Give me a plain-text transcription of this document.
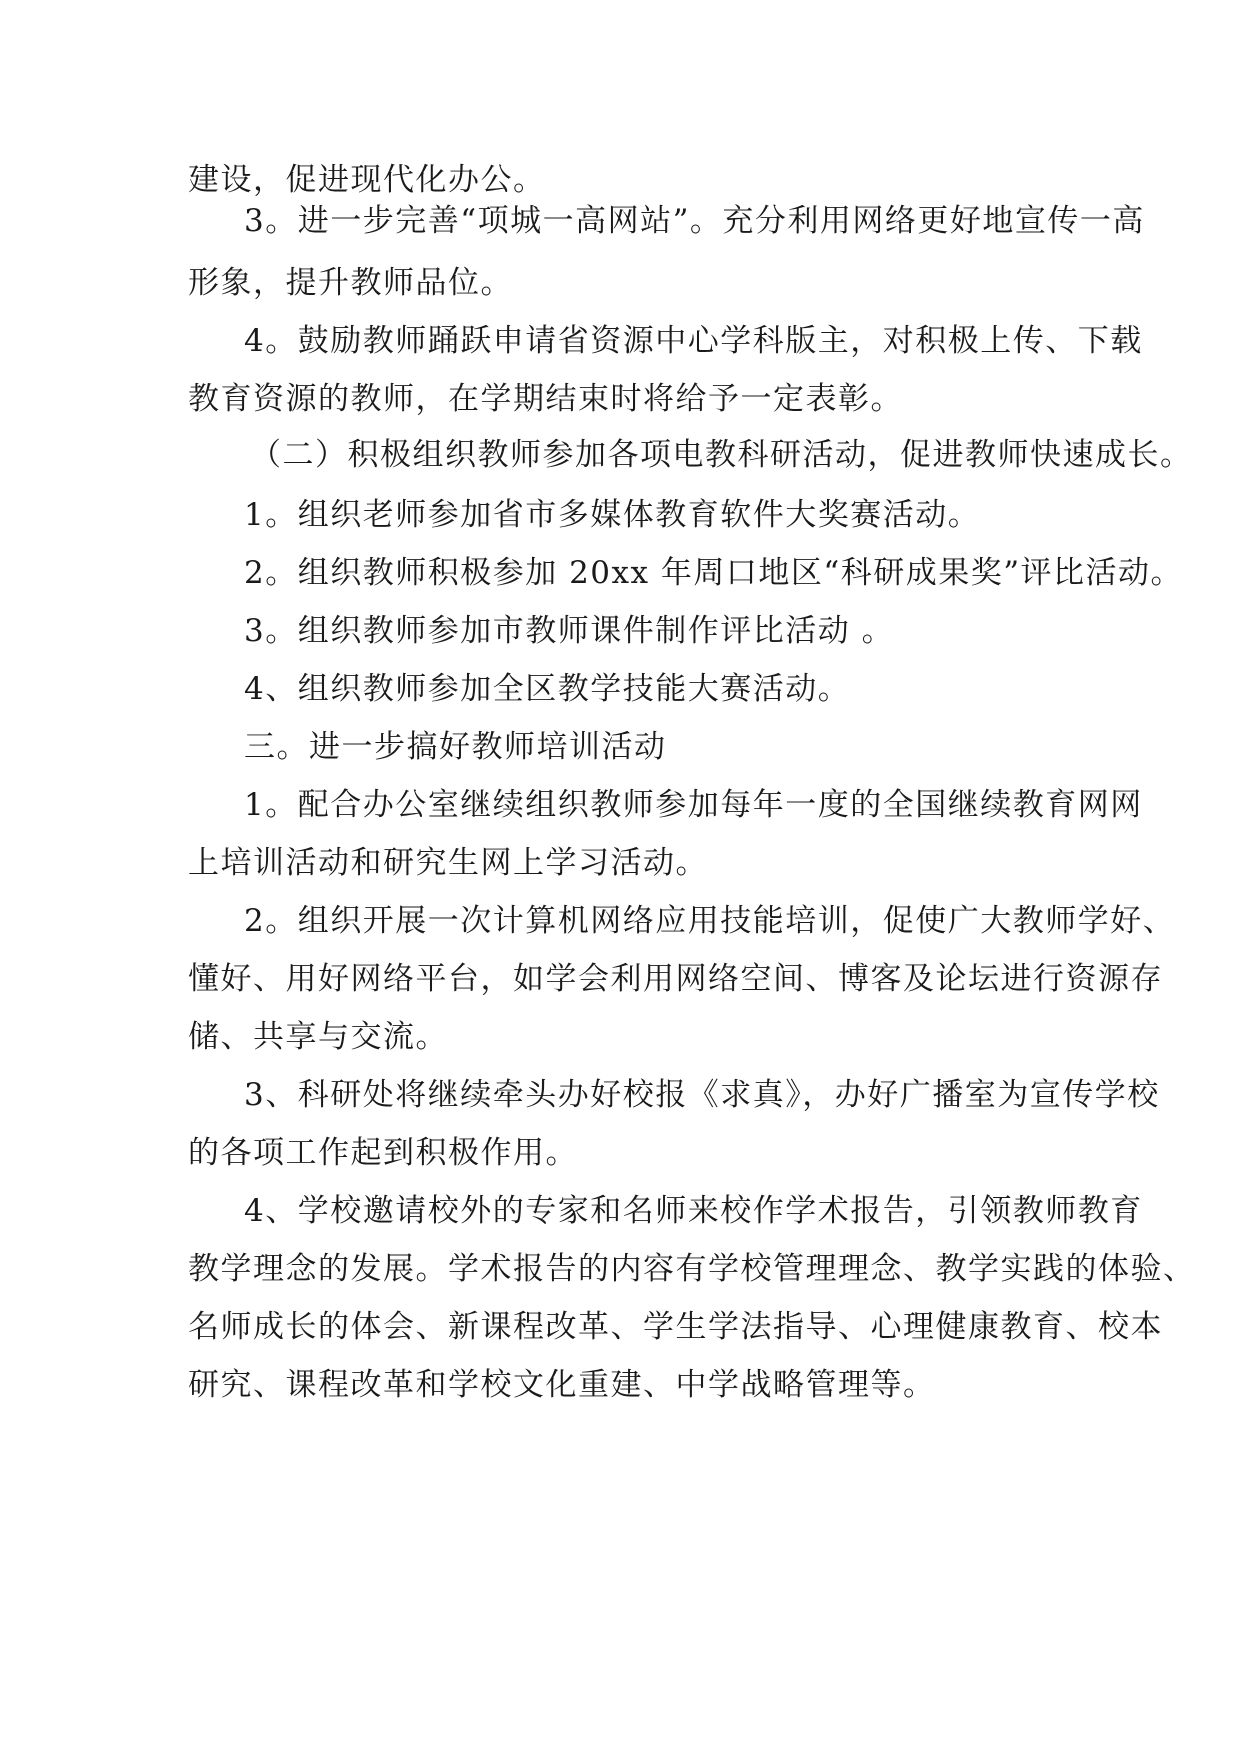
建设，促进现代化办公。
3。进一步完善“项城一高网站”。充分利用网络更好地宣传一高
形象，提升教师品位。
4。鼓励教师踊跃申请省资源中心学科版主，对积极上传、下载
教育资源的教师，在学期结束时将给予一定表彰。
（二）积极组织教师参加各项电教科研活动，促进教师快速成长。
1。组织老师参加省市多媒体教育软件大奖赛活动。
2。组织教师积极参加 20xx 年周口地区“科研成果奖”评比活动。
3。组织教师参加市教师课件制作评比活动 。
4、组织教师参加全区教学技能大赛活动。
三。进一步搞好教师培训活动
1。配合办公室继续组织教师参加每年一度的全国继续教育网网
上培训活动和研究生网上学习活动。
2。组织开展一次计算机网络应用技能培训，促使广大教师学好、
懂好、用好网络平台，如学会利用网络空间、博客及论坛进行资源存
储、共享与交流。
3、科研处将继续牵头办好校报《求真》，办好广播室为宣传学校
的各项工作起到积极作用。
4、学校邀请校外的专家和名师来校作学术报告，引领教师教育
教学理念的发展。学术报告的内容有学校管理理念、教学实践的体验、
名师成长的体会、新课程改革、学生学法指导、心理健康教育、校本
研究、课程改革和学校文化重建、中学战略管理等。
